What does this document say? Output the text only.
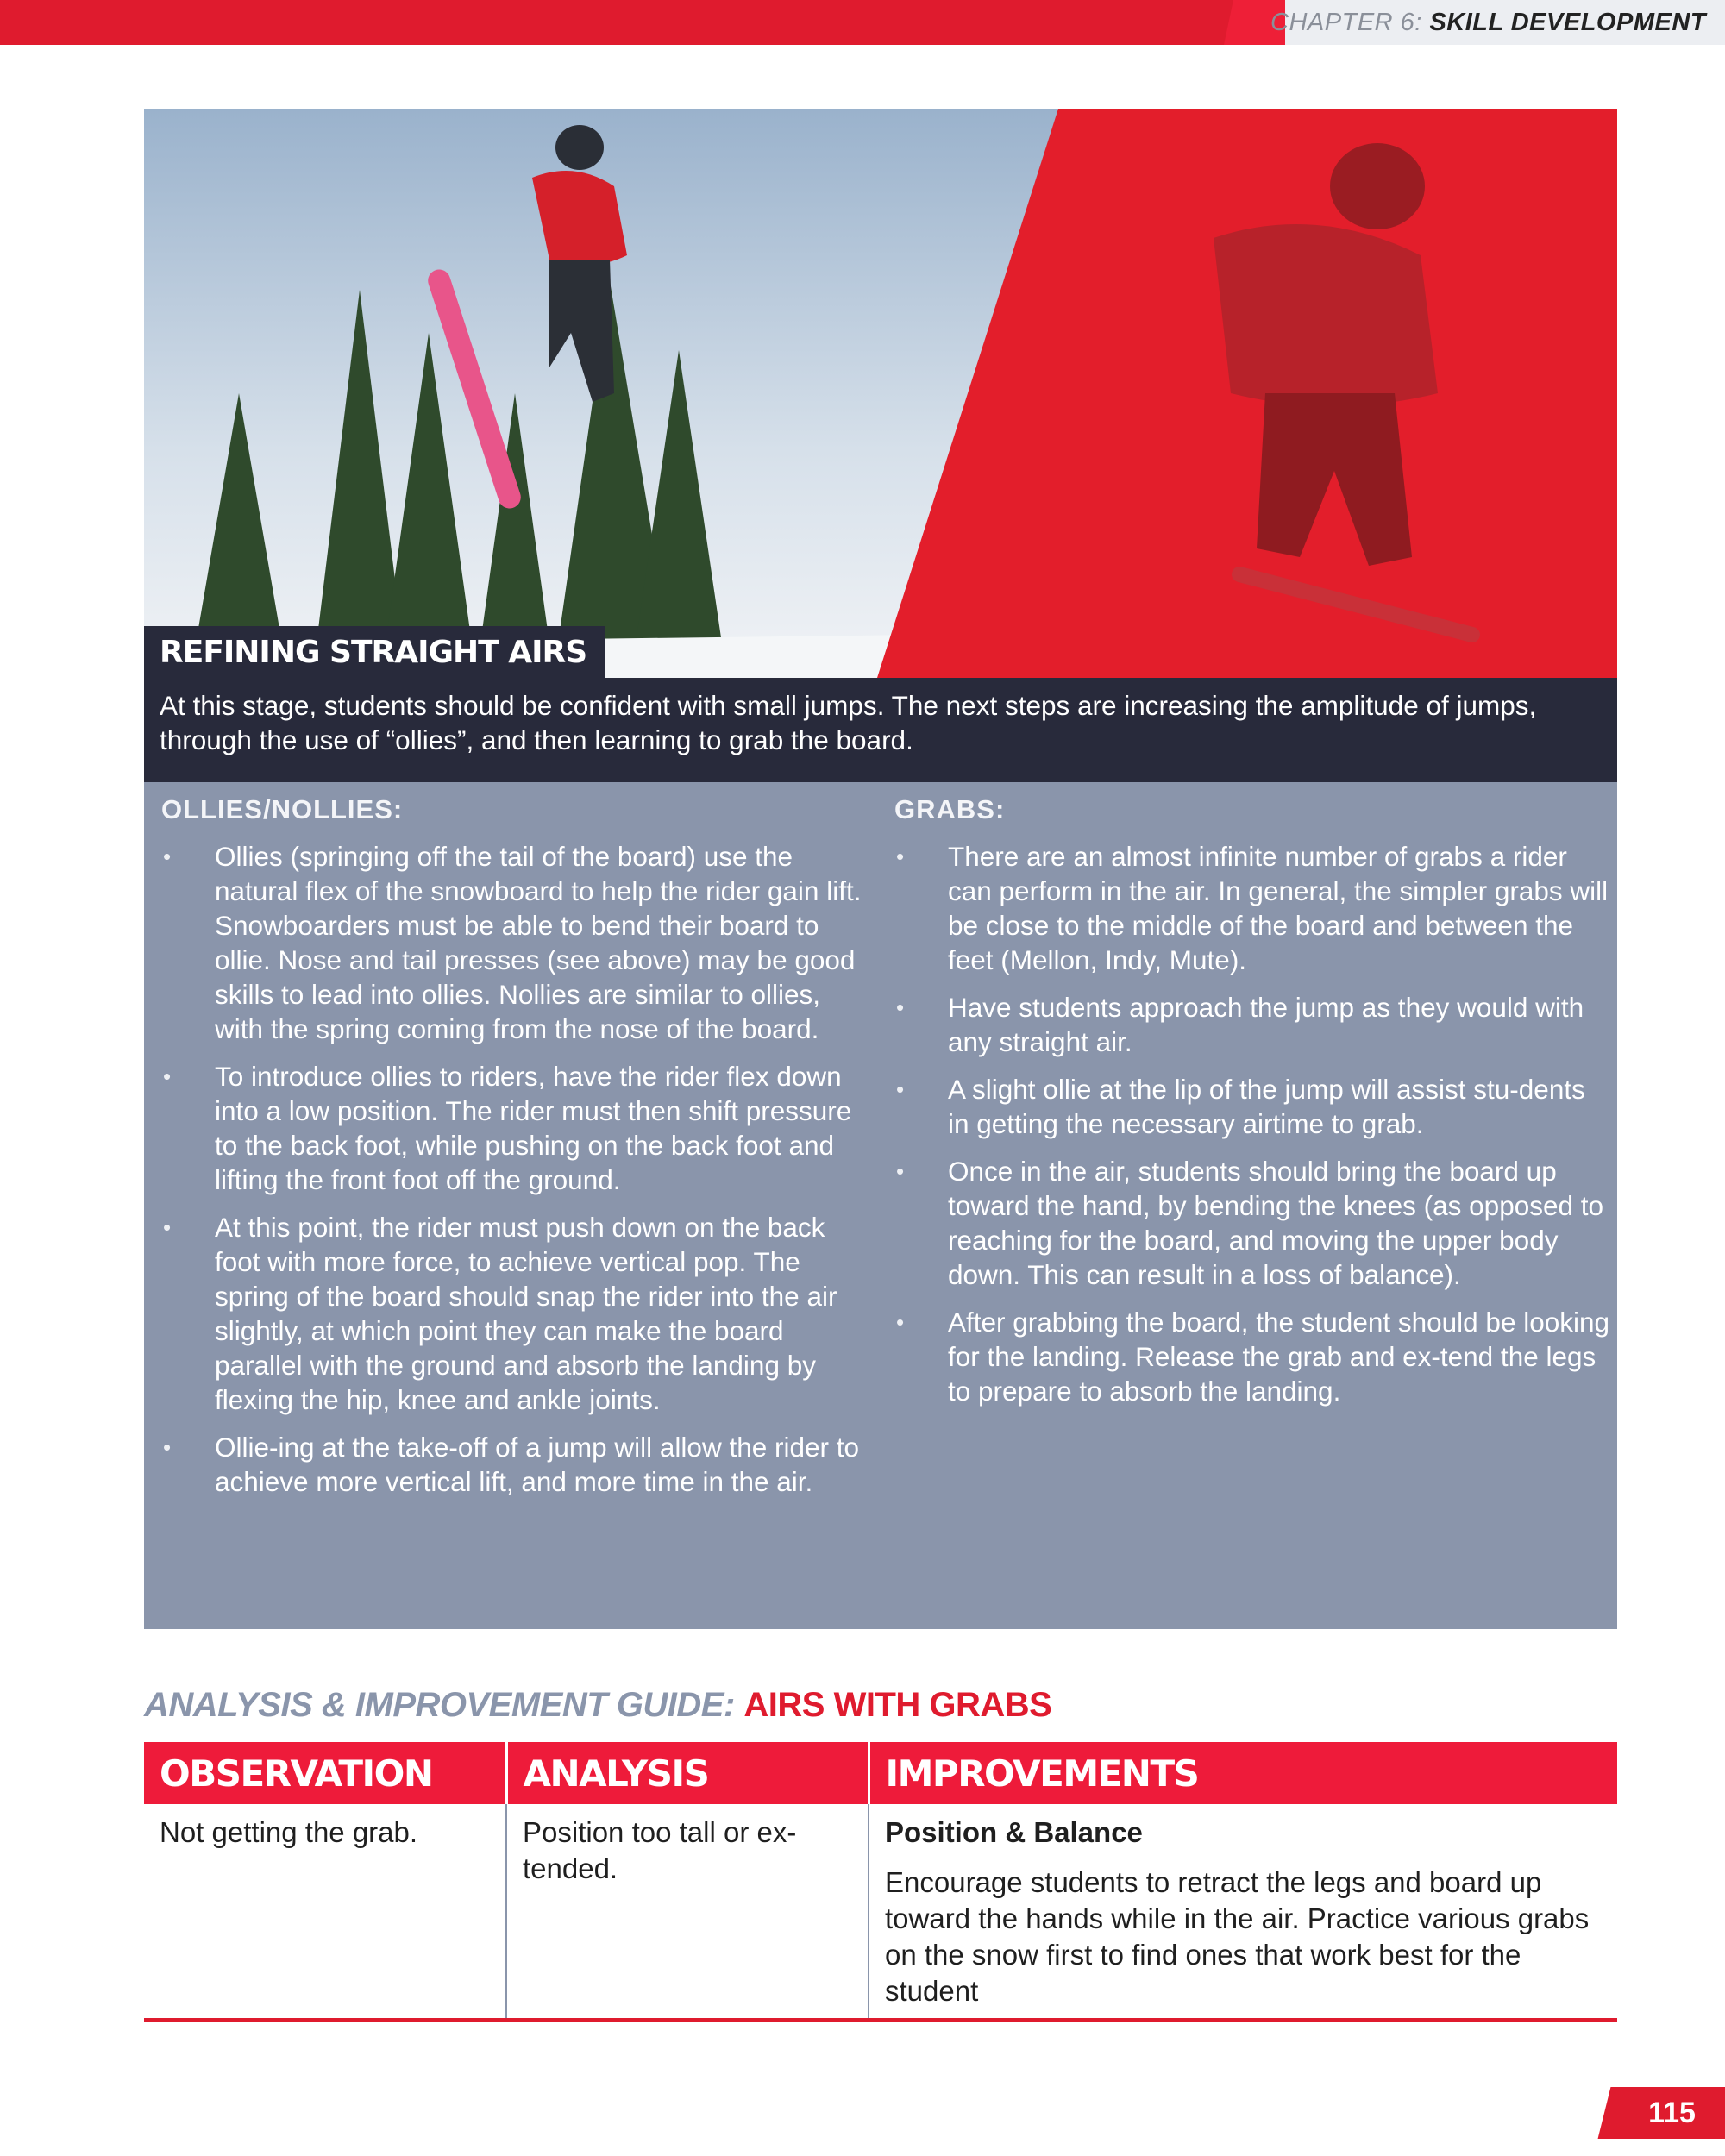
CHAPTER 6: SKILL DEVELOPMENT
REFINING STRAIGHT AIRS
At this stage, students should be confident with small jumps. The next steps are increasing the amplitude of jumps, through the use of “ollies”, and then learning to grab the board.
OLLIES/NOLLIES:
• Ollies (springing off the tail of the board) use the natural flex of the snowboard to help the rider gain lift. Snowboarders must be able to bend their board to ollie. Nose and tail presses (see above) may be good skills to lead into ollies. Nollies are similar to ollies, with the spring coming from the nose of the board.
• To introduce ollies to riders, have the rider flex down into a low position. The rider must then shift pressure to the back foot, while pushing on the back foot and lifting the front foot off the ground.
• At this point, the rider must push down on the back foot with more force, to achieve vertical pop. The spring of the board should snap the rider into the air slightly, at which point they can make the board parallel with the ground and absorb the landing by flexing the hip, knee and ankle joints.
• Ollie-ing at the take-off of a jump will allow the rider to achieve more vertical lift, and more time in the air.
GRABS:
• There are an almost infinite number of grabs a rider can perform in the air. In general, the simpler grabs will be close to the middle of the board and between the feet (Mellon, Indy, Mute).
• Have students approach the jump as they would with any straight air.
• A slight ollie at the lip of the jump will assist stu-dents in getting the necessary airtime to grab.
• Once in the air, students should bring the board up toward the hand, by bending the knees (as opposed to reaching for the board, and moving the upper body down. This can result in a loss of balance).
• After grabbing the board, the student should be looking for the landing. Release the grab and ex-tend the legs to prepare to absorb the landing.
ANALYSIS & IMPROVEMENT GUIDE: AIRS WITH GRABS
OBSERVATION	ANALYSIS	IMPROVEMENTS
Not getting the grab.	Position too tall or ex-tended.	Position & Balance
Encourage students to retract the legs and board up toward the hands while in the air. Practice various grabs on the snow first to find ones that work best for the student
115
